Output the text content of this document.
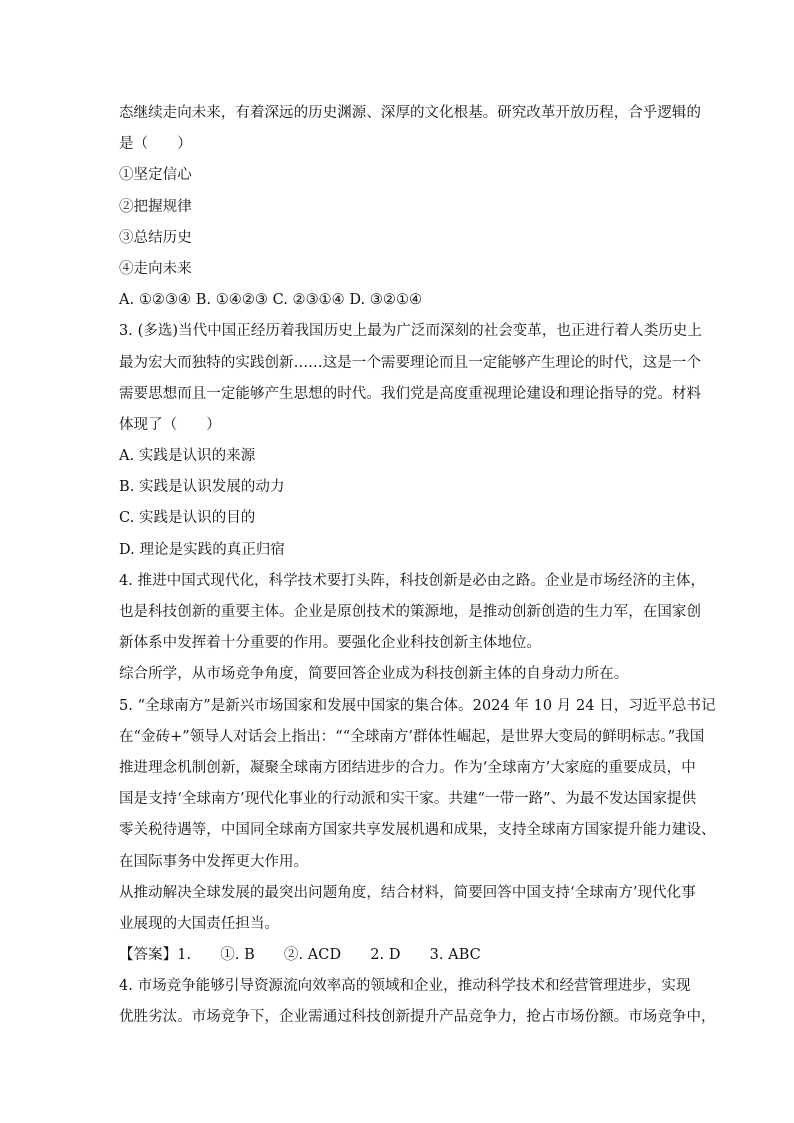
态继续走向未来，有着深远的历史渊源、深厚的文化根基。研究改革开放历程，合乎逻辑的
是（　　）
①坚定信心
②把握规律
③总结历史
④走向未来
A. ①②③④ B. ①④②③ C. ②③①④ D. ③②①④
3. (多选)当代中国正经历着我国历史上最为广泛而深刻的社会变革，也正进行着人类历史上
最为宏大而独特的实践创新……这是一个需要理论而且一定能够产生理论的时代，这是一个
需要思想而且一定能够产生思想的时代。我们党是高度重视理论建设和理论指导的党。材料
体现了（　　）
A. 实践是认识的来源
B. 实践是认识发展的动力
C. 实践是认识的目的
D. 理论是实践的真正归宿
4. 推进中国式现代化，科学技术要打头阵，科技创新是必由之路。企业是市场经济的主体，
也是科技创新的重要主体。企业是原创技术的策源地，是推动创新创造的生力军，在国家创
新体系中发挥着十分重要的作用。要强化企业科技创新主体地位。
综合所学，从市场竞争角度，简要回答企业成为科技创新主体的自身动力所在。
5. “全球南方”是新兴市场国家和发展中国家的集合体。2024 年 10 月 24 日，习近平总书记
在“金砖+”领导人对话会上指出：““全球南方’群体性崛起，是世界大变局的鲜明标志。”我国
推进理念机制创新，凝聚全球南方团结进步的合力。作为‘全球南方’大家庭的重要成员，中
国是支持‘全球南方’现代化事业的行动派和实干家。共建“一带一路”、为最不发达国家提供
零关税待遇等，中国同全球南方国家共享发展机遇和成果，支持全球南方国家提升能力建设、
在国际事务中发挥更大作用。
从推动解决全球发展的最突出问题角度，结合材料，简要回答中国支持‘全球南方’现代化事
业展现的大国责任担当。
【答案】1.　　①. B　　②. ACD　　2. D　　3. ABC
4. 市场竞争能够引导资源流向效率高的领域和企业，推动科学技术和经营管理进步，实现
优胜劣汰。市场竞争下，企业需通过科技创新提升产品竞争力，抢占市场份额。市场竞争中，
